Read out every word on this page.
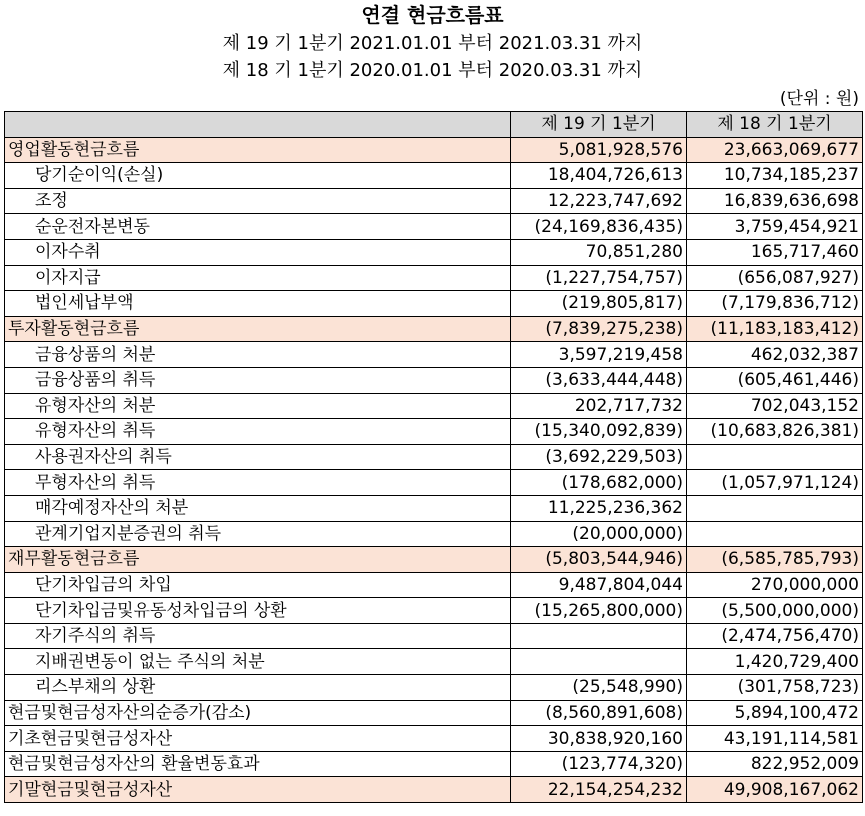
연결 현금흐름표
제 19 기 1분기 2021.01.01 부터 2021.03.31 까지
제 18 기 1분기 2020.01.01 부터 2020.03.31 까지
(단위 : 원)
	제 19 기 1분기	제 18 기 1분기
영업활동현금흐름	5,081,928,576	23,663,069,677
당기순이익(손실)	18,404,726,613	10,734,185,237
조정	12,223,747,692	16,839,636,698
순운전자본변동	(24,169,836,435)	3,759,454,921
이자수취	70,851,280	165,717,460
이자지급	(1,227,754,757)	(656,087,927)
법인세납부액	(219,805,817)	(7,179,836,712)
투자활동현금흐름	(7,839,275,238)	(11,183,183,412)
금융상품의 처분	3,597,219,458	462,032,387
금융상품의 취득	(3,633,444,448)	(605,461,446)
유형자산의 처분	202,717,732	702,043,152
유형자산의 취득	(15,340,092,839)	(10,683,826,381)
사용권자산의 취득	(3,692,229,503)	
무형자산의 취득	(178,682,000)	(1,057,971,124)
매각예정자산의 처분	11,225,236,362	
관계기업지분증권의 취득	(20,000,000)	
재무활동현금흐름	(5,803,544,946)	(6,585,785,793)
단기차입금의 차입	9,487,804,044	270,000,000
단기차입금및유동성차입금의 상환	(15,265,800,000)	(5,500,000,000)
자기주식의 취득		(2,474,756,470)
지배권변동이 없는 주식의 처분		1,420,729,400
리스부채의 상환	(25,548,990)	(301,758,723)
현금및현금성자산의순증가(감소)	(8,560,891,608)	5,894,100,472
기초현금및현금성자산	30,838,920,160	43,191,114,581
현금및현금성자산의 환율변동효과	(123,774,320)	822,952,009
기말현금및현금성자산	22,154,254,232	49,908,167,062
